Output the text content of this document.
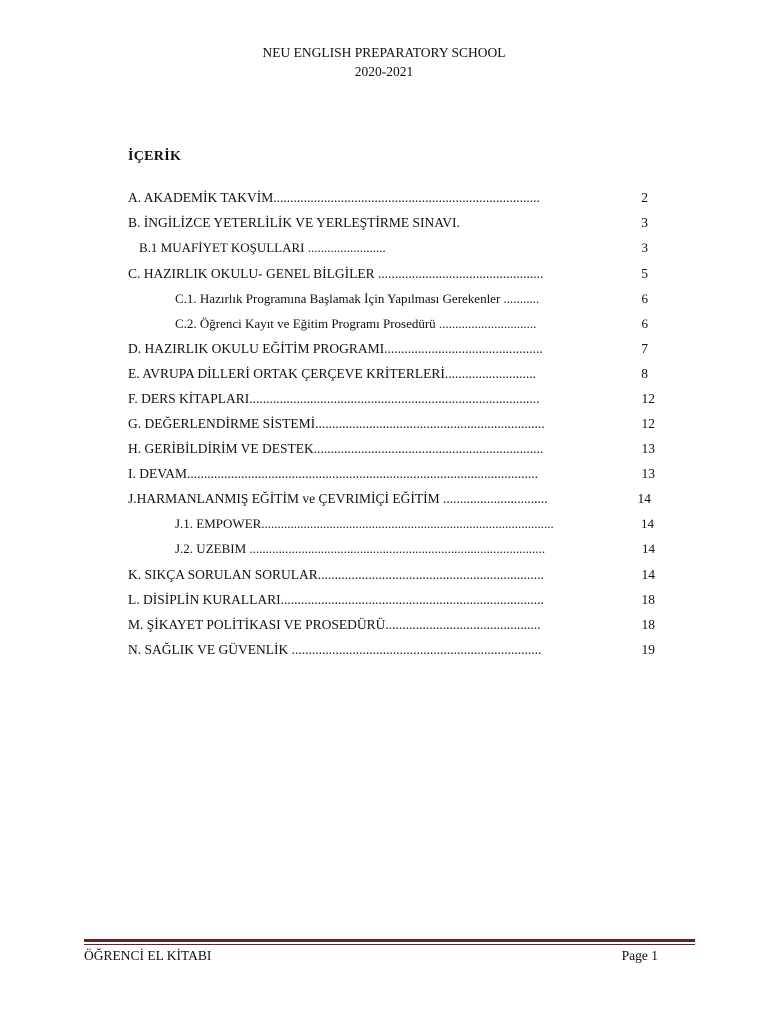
NEU ENGLISH PREPARATORY SCHOOL
2020-2021
İÇERİK
A. AKADEMİK TAKVİM...............................................................................	2
B. İNGİLİZCE YETERLİLİK VE YERLEŞTİRME SINAVI.	3
B.1 MUAFİYET KOŞULLARI ........................	3
C. HAZIRLIK OKULU- GENEL BİLGİLER .................................................	5
C.1. Hazırlık Programına Başlamak İçin Yapılması Gerekenler ...........	6
C.2. Öğrenci Kayıt ve Eğitim Programı Prosedürü ..............................	6
D. HAZIRLIK OKULU EĞİTİM PROGRAMI...............................................	7
E. AVRUPA DİLLERİ ORTAK ÇERÇEVE KRİTERLERİ...........................	8
F. DERS KİTAPLARI......................................................................................	12
G. DEĞERLENDİRME SİSTEMİ....................................................................	12
H. GERİBİLDİRİM VE DESTEK....................................................................	13
I. DEVAM........................................................................................................	13
J.HARMANLANMIŞ EĞİTİM ve ÇEVRIMİÇİ EĞİTİM ...............................	14
J.1. EMPOWER..........................................................................................	14
J.2. UZEBIM ...........................................................................................	14
K. SIKÇA SORULAN SORULAR...................................................................	14
L. DİSİPLİN KURALLARI..............................................................................	18
M. ŞİKAYET POLİTİKASI VE PROSEDÜRÜ..............................................	18
N. SAĞLIK VE GÜVENLİK ..........................................................................	19
ÖĞRENCİ EL KİTABI	Page 1
